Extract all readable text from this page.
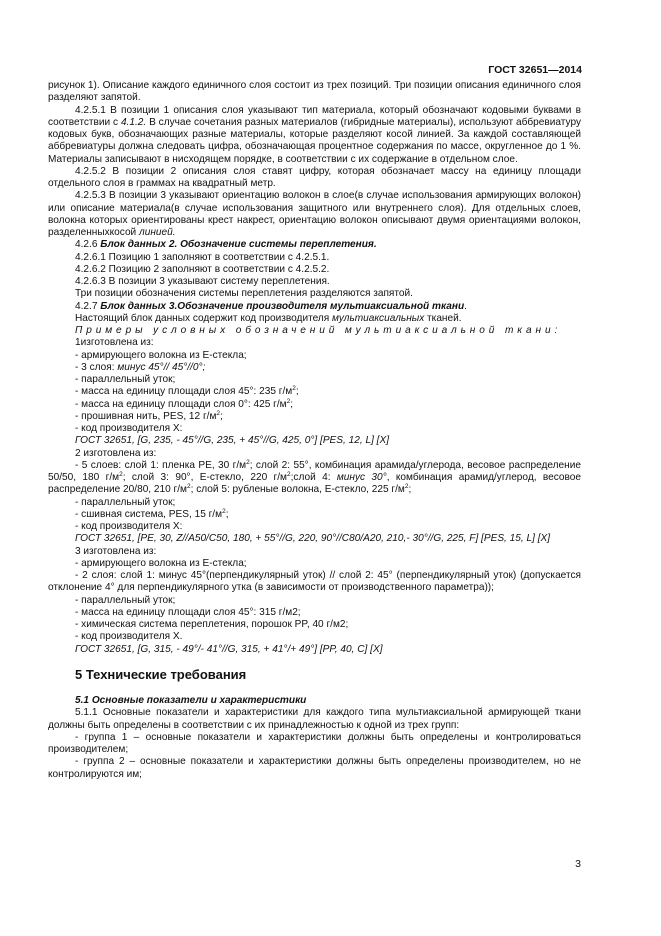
ГОСТ 32651—2014

рисунок 1). Описание каждого единичного слоя состоит из трех позиций. Три позиции описания единичного слоя разделяют запятой.

4.2.5.1 В позиции 1 описания слоя указывают тип материала, который обозначают кодовыми буквами в соответствии с 4.1.2. В случае сочетания разных материалов (гибридные материалы), используют аббревиатуру кодовых букв, обозначающих разные материалы, которые разделяют косой линией. За каждой составляющей аббревиатуры должна следовать цифра, обозначающая процентное содержания по массе, округленное до 1 %. Материалы записывают в нисходящем порядке, в соответствии с их содержание в отдельном слое.

4.2.5.2 В позиции 2 описания слоя ставят цифру, которая обозначает массу на единицу площади отдельного слоя в граммах на квадратный метр.

4.2.5.3 В позиции 3 указывают ориентацию волокон в слое(в случае использования армирующих волокон) или описание материала(в случае использования защитного или внутреннего слоя). Для отдельных слоев, волокна которых ориентированы крест накрест, ориентацию волокон описывают двумя ориентациями волокон, разделенныхкосой линией.

4.2.6 Блок данных 2. Обозначение системы переплетения.

4.2.6.1 Позицию 1 заполняют в соответствии с 4.2.5.1.

4.2.6.2 Позицию 2 заполняют в соответствии с 4.2.5.2.

4.2.6.3 В позиции 3 указывают систему переплетения.

Три позиции обозначения системы переплетения разделяются запятой.

4.2.7 Блок данных 3.Обозначение производителя мультиаксиальной ткани.

Настоящий блок данных содержит код производителя мультиаксиальных тканей.

Примеры условных обозначений мультиаксиальной ткани:

1изготовлена из:

- армирующего волокна из Е-стекла;

- 3 слоя: минус 45°// 45°//0°;

- параллельный уток;

- масса на единицу площади слоя 45°: 235 $г/м^2$;

- масса на единицу площади слоя 0°: 425 $г/м^2$;

- прошивная нить, PES, 12 $г/м^2$;

- код производителя Х:

ГОСТ 32651, [G, 235, - 45°//G, 235, + 45°//G, 425, 0°] [PES, 12, L] [X]

2 изготовлена из:

- 5 слоев: слой 1: пленка PE, 30 $г/м^2$; слой 2: 55°, комбинация арамида/углерода, весовое распределение 50/50, 180 $г/м^2$; слой 3: 90°, Е-стекло, 220 $г/м^2;слой$ 4: минус 30°, комбинация арамид/углерод, весовое распределение 20/80, 210 $г/м^2$; слой 5: рубленые волокна, Е-стекло, 225 $г/м^2$;

- параллельный уток;

- сшивная система, PES, 15 $г/м^2$;

- код производителя Х:

ГОСТ 32651, [PE, 30, Z//A50/C50, 180, + 55°//G, 220, 90°//C80/A20, 210,- 30°//G, 225, F] [PES, 15, L] [X]

3 изготовлена из:

- армирующего волокна из Е-стекла;

- 2 слоя: слой 1: минус 45°(перпендикулярный уток) // слой 2: 45° (перпендикулярный уток) (допускается отклонение 4° для перпендикулярного утка (в зависимости от производственного параметра));

- параллельный уток;

- масса на единицу площади слоя 45°: 315 г/м2;

- химическая система переплетения, порошок PP, 40 г/м2;

- код производителя Х.

ГОСТ 32651, [G, 315, - 49°/- 41°//G, 315, + 41°/+ 49°] [PP, 40, C] [X]

5 Технические требования

5.1 Основные показатели и характеристики

5.1.1 Основные показатели и характеристики для каждого типа мультиаксиальной армирующей ткани должны быть определены в соответствии с их принадлежностью к одной из трех групп:

- группа 1 – основные показатели и характеристики должны быть определены и контролироваться производителем;

- группа 2 – основные показатели и характеристики должны быть определены производителем, но не контролируются им;

3
